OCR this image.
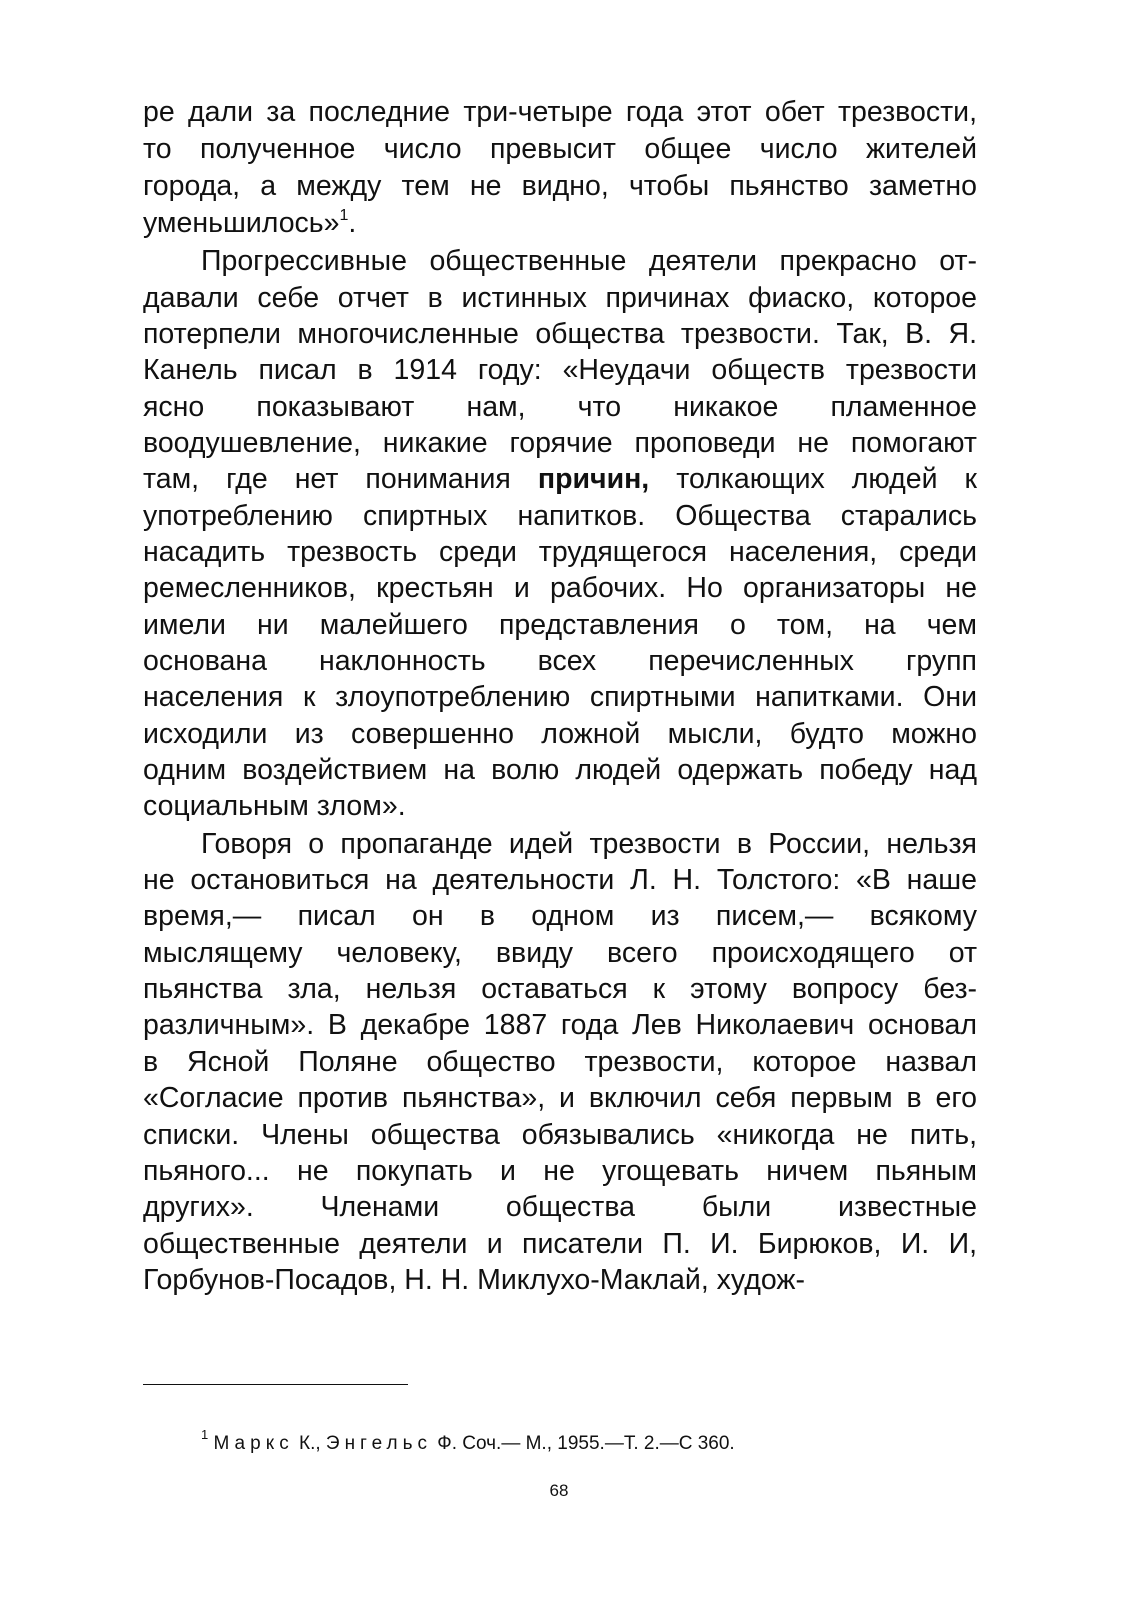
ре дали за последние три-четыре года этот обет трезвости,
то полученное число превысит общее число жителей
города, а между тем не видно, чтобы пьянство заметно
уменьшилось»$^1$.
Прогрессивные общественные деятели прекрасно от-
давали себе отчет в истинных причинах фиаско, которое
потерпели многочисленные общества трезвости. Так, В. Я.
Канель писал в 1914 году: «Неудачи обществ трезвости
ясно показывают нам, что никакое пламенное
воодушевление, никакие горячие проповеди не помогают
там, где нет понимания причин, толкающих людей к
употреблению спиртных напитков. Общества старались
насадить трезвость среди трудящегося населения, среди
ремесленников, крестьян и рабочих. Но организаторы не
имели ни малейшего представления о том, на чем
основана наклонность всех перечисленных групп
населения к злоупотреблению спиртными напитками. Они
исходили из совершенно ложной мысли, будто можно
одним воздействием на волю людей одержать победу над
социальным злом».
Говоря о пропаганде идей трезвости в России, нельзя
не остановиться на деятельности Л. Н. Толстого: «В наше
время,— писал он в одном из писем,— всякому
мыслящему человеку, ввиду всего происходящего от
пьянства зла, нельзя оставаться к этому вопросу без-
различным». В декабре 1887 года Лев Николаевич основал
в Ясной Поляне общество трезвости, которое назвал
«Согласие против пьянства», и включил себя первым в его
списки. Члены общества обязывались «никогда не пить,
пьяного... не покупать и не угощевать ничем пьяным
других». Членами общества были известные
общественные деятели и писатели П. И. Бирюков, И. И,
Горбунов-Посадов, Н. Н. Миклухо-Маклай, худож-
$^1$ Маркс К., Энгельс Ф. Соч.— М., 1955.—Т. 2.—С 360.
68
